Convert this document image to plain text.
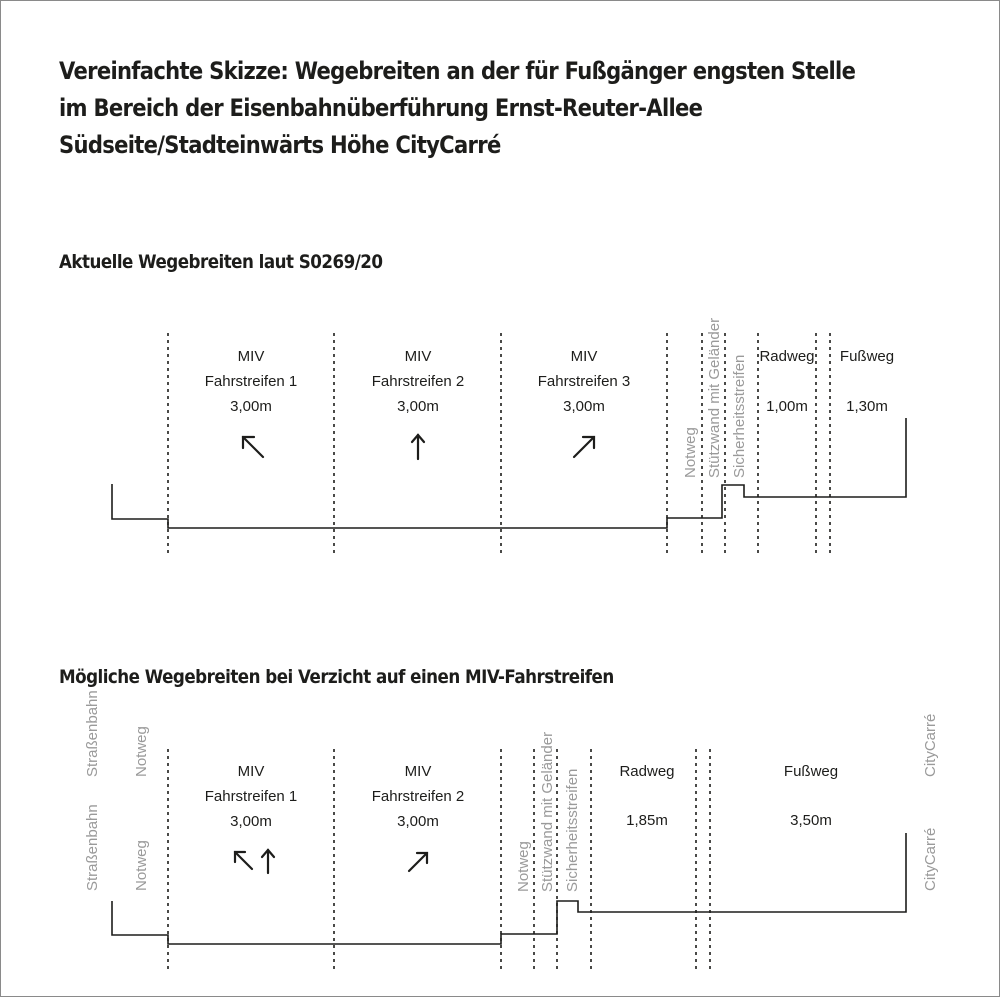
Vereinfachte Skizze: Wegebreiten an der für Fußgänger engsten Stelle
im Bereich der Eisenbahnüberführung Ernst-Reuter-Allee
Südseite/Stadteinwärts Höhe CityCarré
Aktuelle Wegebreiten laut S0269/20
Straßenbahn Notweg	CityCarré
MIV
Fahrstreifen 1
3,00m
MIV
Fahrstreifen 2
3,00m
MIV
Fahrstreifen 3
3,00m
Notweg Stützwand mit Geländer Sicherheitsstreifen Radweg
1,00m
Fußweg
1,30m
Mögliche Wegebreiten bei Verzicht auf einen MIV-Fahrstreifen
Straßenbahn Notweg	CityCarré
MIV
Fahrstreifen 1
3,00m
MIV
Fahrstreifen 2
3,00m
Notweg Stützwand mit Geländer Sicherheitsstreifen	Radweg
1,85m
Fußweg
3,50m
